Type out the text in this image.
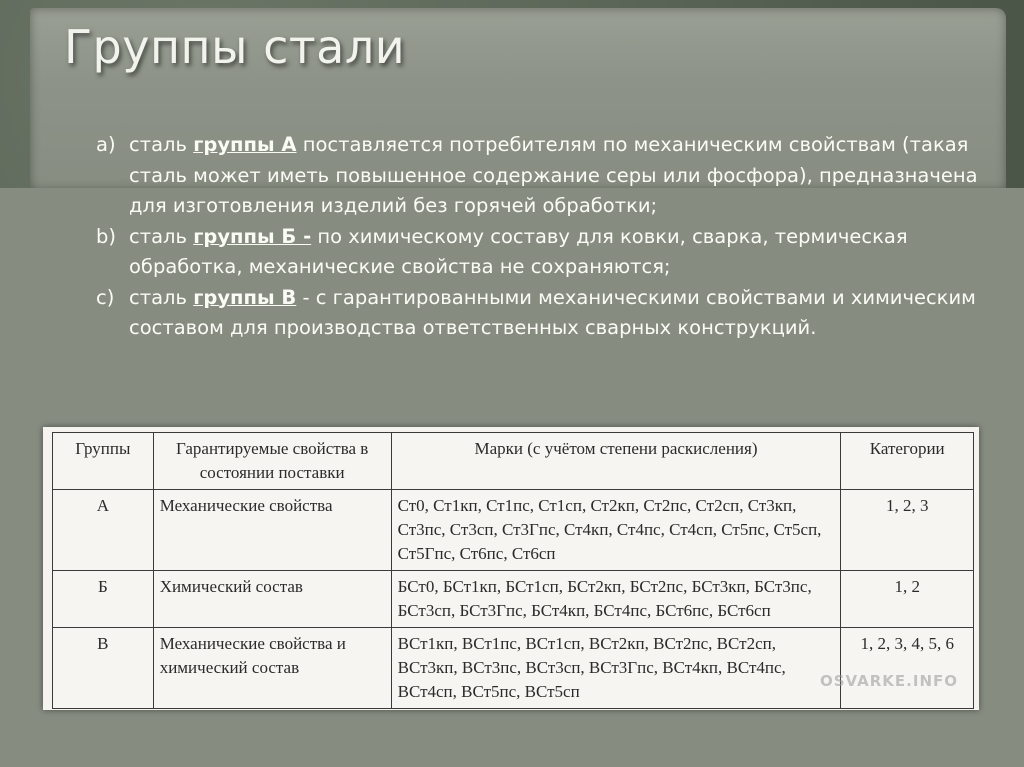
Группы стали
a) сталь группы А поставляется потребителям по механическим свойствам (такая сталь может иметь повышенное содержание серы или фосфора), предназначена для изготовления изделий без горячей обработки;
b) сталь группы Б - по химическому составу для ковки, сварка, термическая обработка, механические свойства не сохраняются;
c) сталь группы В - с гарантированными механическими свойствами и химическим составом для производства ответственных сварных конструкций.
Группы	Гарантируемые свойства в состоянии поставки	Марки (с учётом степени раскисления)	Категории
А	Механические свойства	Ст0, Ст1кп, Ст1пс, Ст1сп, Ст2кп, Ст2пс, Ст2сп, Ст3кп, Ст3пс, Ст3сп, Ст3Гпс, Ст4кп, Ст4пс, Ст4сп, Ст5пс, Ст5сп, Ст5Гпс, Ст6пс, Ст6сп	1, 2, 3
Б	Химический состав	БСт0, БСт1кп, БСт1сп, БСт2кп, БСт2пс, БСт3кп, БСт3пс, БСт3сп, БСт3Гпс, БСт4кп, БСт4пс, БСт6пс, БСт6сп	1, 2
В	Механические свойства и химический состав	ВСт1кп, ВСт1пс, ВСт1сп, ВСт2кп, ВСт2пс, ВСт2сп, ВСт3кп, ВСт3пс, ВСт3сп, ВСт3Гпс, ВСт4кп, ВСт4пс, ВСт4сп, ВСт5пс, ВСт5сп	1, 2, 3, 4, 5, 6
OSVARKE.INFO
